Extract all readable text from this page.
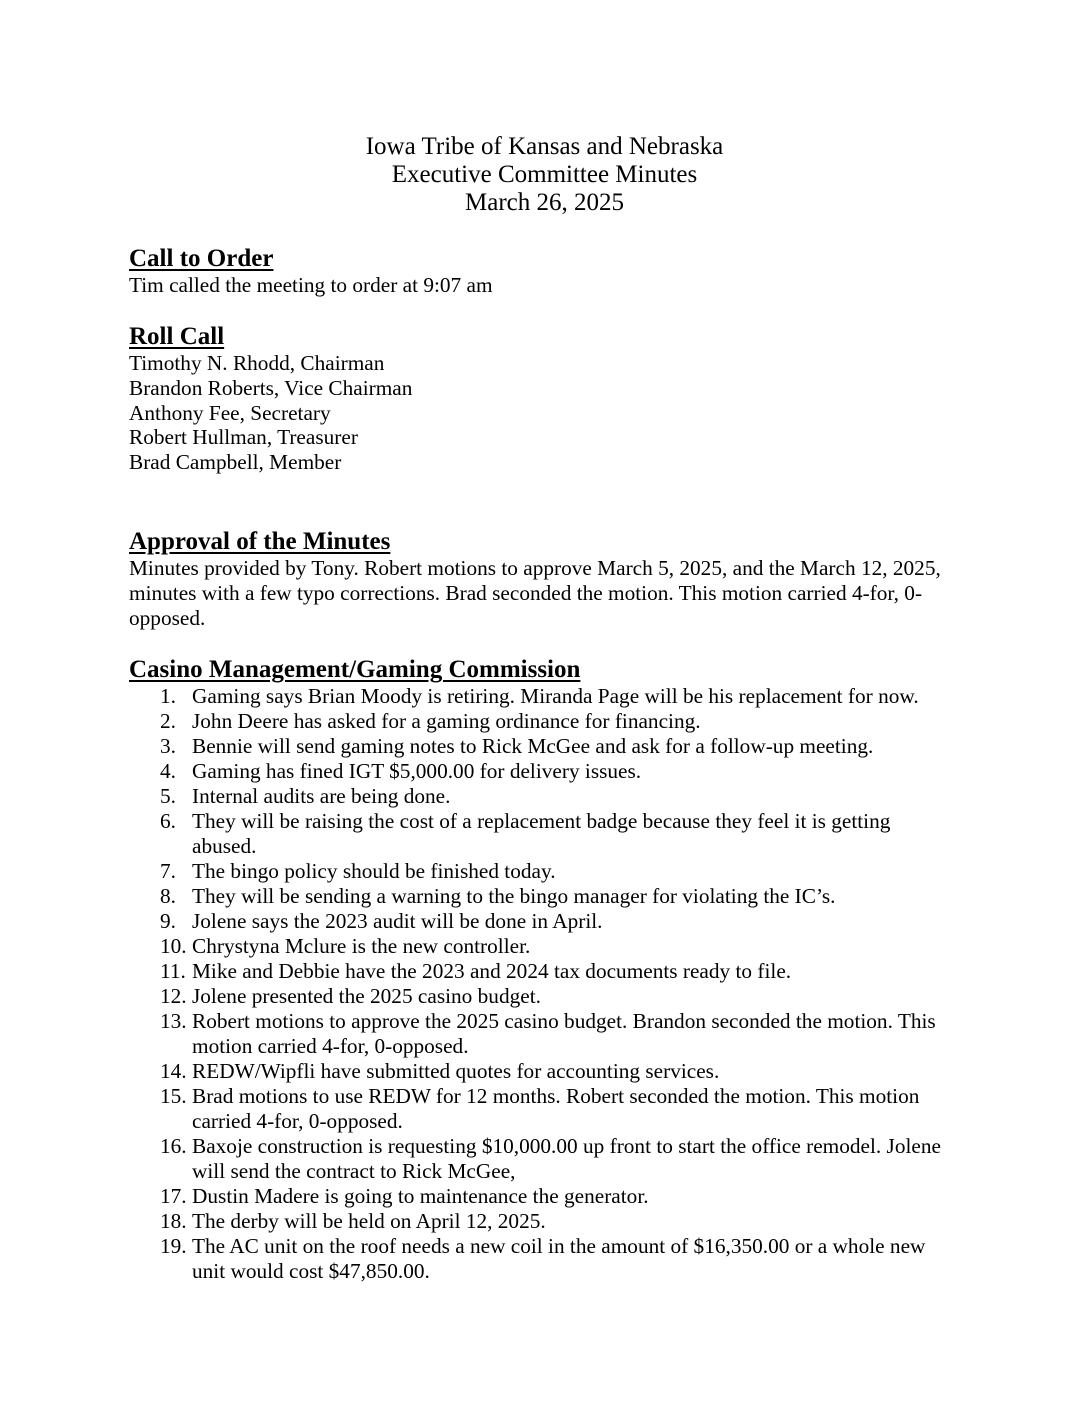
Iowa Tribe of Kansas and Nebraska
Executive Committee Minutes
March 26, 2025
Call to Order
Tim called the meeting to order at 9:07 am
Roll Call
Timothy N. Rhodd, Chairman
Brandon Roberts, Vice Chairman
Anthony Fee, Secretary
Robert Hullman, Treasurer
Brad Campbell, Member
Approval of the Minutes
Minutes provided by Tony. Robert motions to approve March 5, 2025, and the March 12, 2025, minutes with a few typo corrections. Brad seconded the motion. This motion carried 4-for, 0-opposed.
Casino Management/Gaming Commission
Gaming says Brian Moody is retiring. Miranda Page will be his replacement for now.
John Deere has asked for a gaming ordinance for financing.
Bennie will send gaming notes to Rick McGee and ask for a follow-up meeting.
Gaming has fined IGT $5,000.00 for delivery issues.
Internal audits are being done.
They will be raising the cost of a replacement badge because they feel it is getting abused.
The bingo policy should be finished today.
They will be sending a warning to the bingo manager for violating the IC’s.
Jolene says the 2023 audit will be done in April.
Chrystyna Mclure is the new controller.
Mike and Debbie have the 2023 and 2024 tax documents ready to file.
Jolene presented the 2025 casino budget.
Robert motions to approve the 2025 casino budget. Brandon seconded the motion. This motion carried 4-for, 0-opposed.
REDW/Wipfli have submitted quotes for accounting services.
Brad motions to use REDW for 12 months. Robert seconded the motion. This motion carried 4-for, 0-opposed.
Baxoje construction is requesting $10,000.00 up front to start the office remodel. Jolene will send the contract to Rick McGee,
Dustin Madere is going to maintenance the generator.
The derby will be held on April 12, 2025.
The AC unit on the roof needs a new coil in the amount of $16,350.00 or a whole new unit would cost $47,850.00.
